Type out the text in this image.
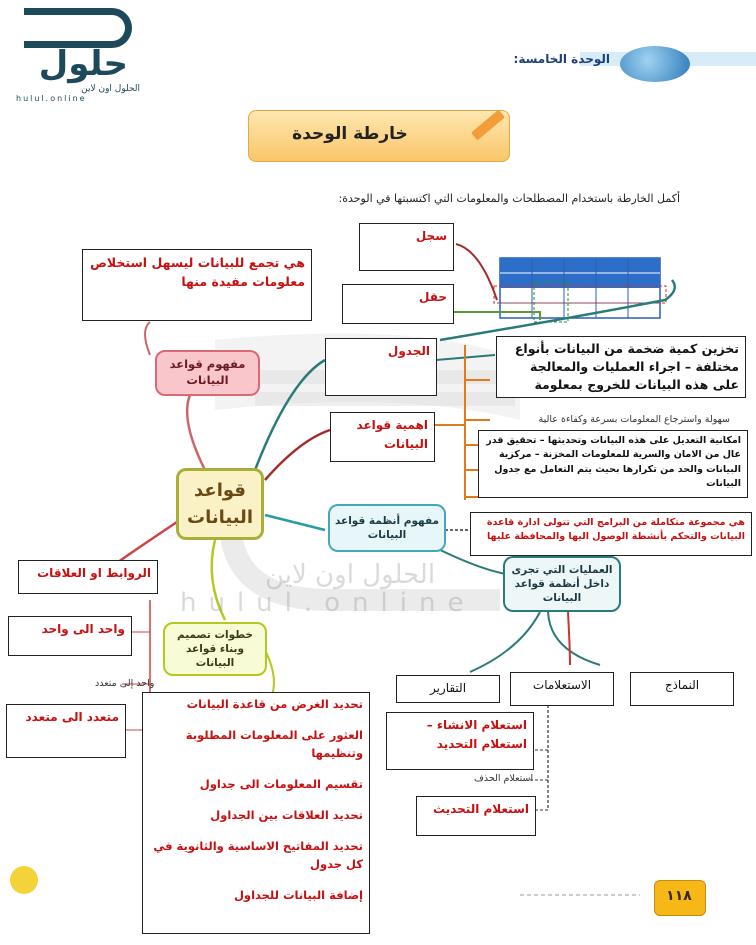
حلول
الحلول اون لاين
hulul.online
الوحدة الخامسة:
خارطة الوحدة
أكمل الخارطة باستخدام المصطلحات والمعلومات التي اكتسبتها في الوحدة:
سجل
حقل
هي تجمع للبيانات ليسهل استخلاص معلومات مفيدة منها
مفهوم قواعد البيانات
الجدول	تخزين كمية ضخمة من البيانات بأنواع مختلفة – اجراء العمليات والمعالجة على هذه البيانات للخروج بمعلومة
سهولة واسترجاع المعلومات بسرعة وكفاءة عالية
اهمية قواعد البيانات	امكانية التعديل على هذه البيانات وتحديثها – تحقيق قدر عال من الامان والسرية للمعلومات المخزنة – مركزية البيانات والحد من تكرارها بحيث يتم التعامل مع جدول البيانات
قواعد البيانات	مفهوم أنظمة قواعد البيانات
هي مجموعة متكاملة من البرامج التي تتولى ادارة قاعدة البيانات والتحكم بأنشطة الوصول اليها والمحافظة عليها
العمليات التي تجرى داخل أنظمة قواعد البيانات
الروابط او العلاقات
واحد الى واحد	خطوات تصميم وبناء قواعد البيانات
واحد إلى متعدد	التقارير	الاستعلامات	النماذج
متعدد الى متعدد
تحديد الغرض من قاعدة البيانات
العثور على المعلومات المطلوبة وتنظيمها
تقسيم المعلومات الى جداول
تحديد العلاقات بين الجداول
تحديد المفاتيح الاساسية والثانوية في كل جدول
إضافة البيانات للجداول
استعلام الانشاء – استعلام التحديد
استعلام الحذف
استعلام التحديث
١١٨
hulul.online
الحلول اون لاين
